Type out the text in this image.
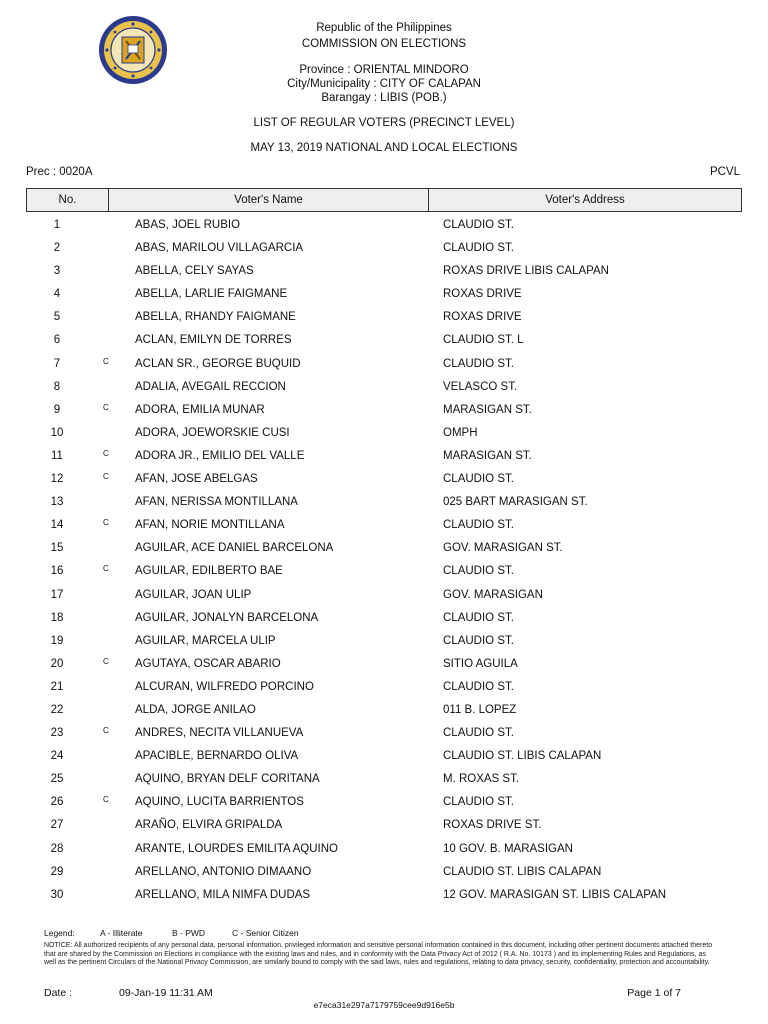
Republic of the Philippines
COMMISSION ON ELECTIONS
Province : ORIENTAL MINDORO
City/Municipality : CITY OF CALAPAN
Barangay : LIBIS (POB.)
LIST OF REGULAR VOTERS (PRECINCT LEVEL)
MAY 13, 2019 NATIONAL AND LOCAL ELECTIONS
Prec : 0020A	PCVL
No.	Voter's Name	Voter's Address
1	ABAS, JOEL RUBIO	CLAUDIO ST.
2	ABAS, MARILOU VILLAGARCIA	CLAUDIO ST.
3	ABELLA, CELY SAYAS	ROXAS DRIVE LIBIS CALAPAN
4	ABELLA, LARLIE FAIGMANE	ROXAS DRIVE
5	ABELLA, RHANDY FAIGMANE	ROXAS DRIVE
6	ACLAN, EMILYN DE TORRES	CLAUDIO ST. L
7	C ACLAN SR., GEORGE BUQUID	CLAUDIO ST.
8	ADALIA, AVEGAIL RECCION	VELASCO ST.
9	C ADORA, EMILIA MUNAR	MARASIGAN ST.
10	ADORA, JOEWORSKIE CUSI	OMPH
11	C ADORA JR., EMILIO DEL VALLE	MARASIGAN ST.
12	C AFAN, JOSE ABELGAS	CLAUDIO ST.
13	AFAN, NERISSA MONTILLANA	025 BART MARASIGAN ST.
14	C AFAN, NORIE MONTILLANA	CLAUDIO ST.
15	AGUILAR, ACE DANIEL BARCELONA	GOV. MARASIGAN ST.
16	C AGUILAR, EDILBERTO BAE	CLAUDIO ST.
17	AGUILAR, JOAN ULIP	GOV. MARASIGAN
18	AGUILAR, JONALYN BARCELONA	CLAUDIO ST.
19	AGUILAR, MARCELA ULIP	CLAUDIO ST.
20	C AGUTAYA, OSCAR ABARIO	SITIO AGUILA
21	ALCURAN, WILFREDO PORCINO	CLAUDIO ST.
22	ALDA, JORGE ANILAO	011 B. LOPEZ
23	C ANDRES, NECITA VILLANUEVA	CLAUDIO ST.
24	APACIBLE, BERNARDO OLIVA	CLAUDIO ST. LIBIS CALAPAN
25	AQUINO, BRYAN DELF CORITANA	M. ROXAS ST.
26	C AQUINO, LUCITA BARRIENTOS	CLAUDIO ST.
27	ARAÑO, ELVIRA GRIPALDA	ROXAS DRIVE ST.
28	ARANTE, LOURDES EMILITA AQUINO	10 GOV. B. MARASIGAN
29	ARELLANO, ANTONIO DIMAANO	CLAUDIO ST. LIBIS CALAPAN
30	ARELLANO, MILA NIMFA DUDAS	12 GOV. MARASIGAN ST. LIBIS CALAPAN
Legend:	A - Illiterate	B - PWD	C - Senior Citizen
NOTICE: All authorized recipients of any personal data, personal information, privileged information and sensitive personal information contained in this document, including other pertinent documents attached thereto that are shared by the Commission on Elections in compliance with the existing laws and rules, and in conformity with the Data Privacy Act of 2012 ( R.A. No. 10173 ) and its implementing Rules and Regulations, as well as the pertinent Circulars of the National Privacy Commission, are similarly bound to comply with the said laws, rules and regulations, relating to data privacy, security, confidentiality, protection and accountability.
Date :	09-Jan-19 11:31 AM	Page 1 of 7
e7eca31e297a7179759cee9d916e5b
